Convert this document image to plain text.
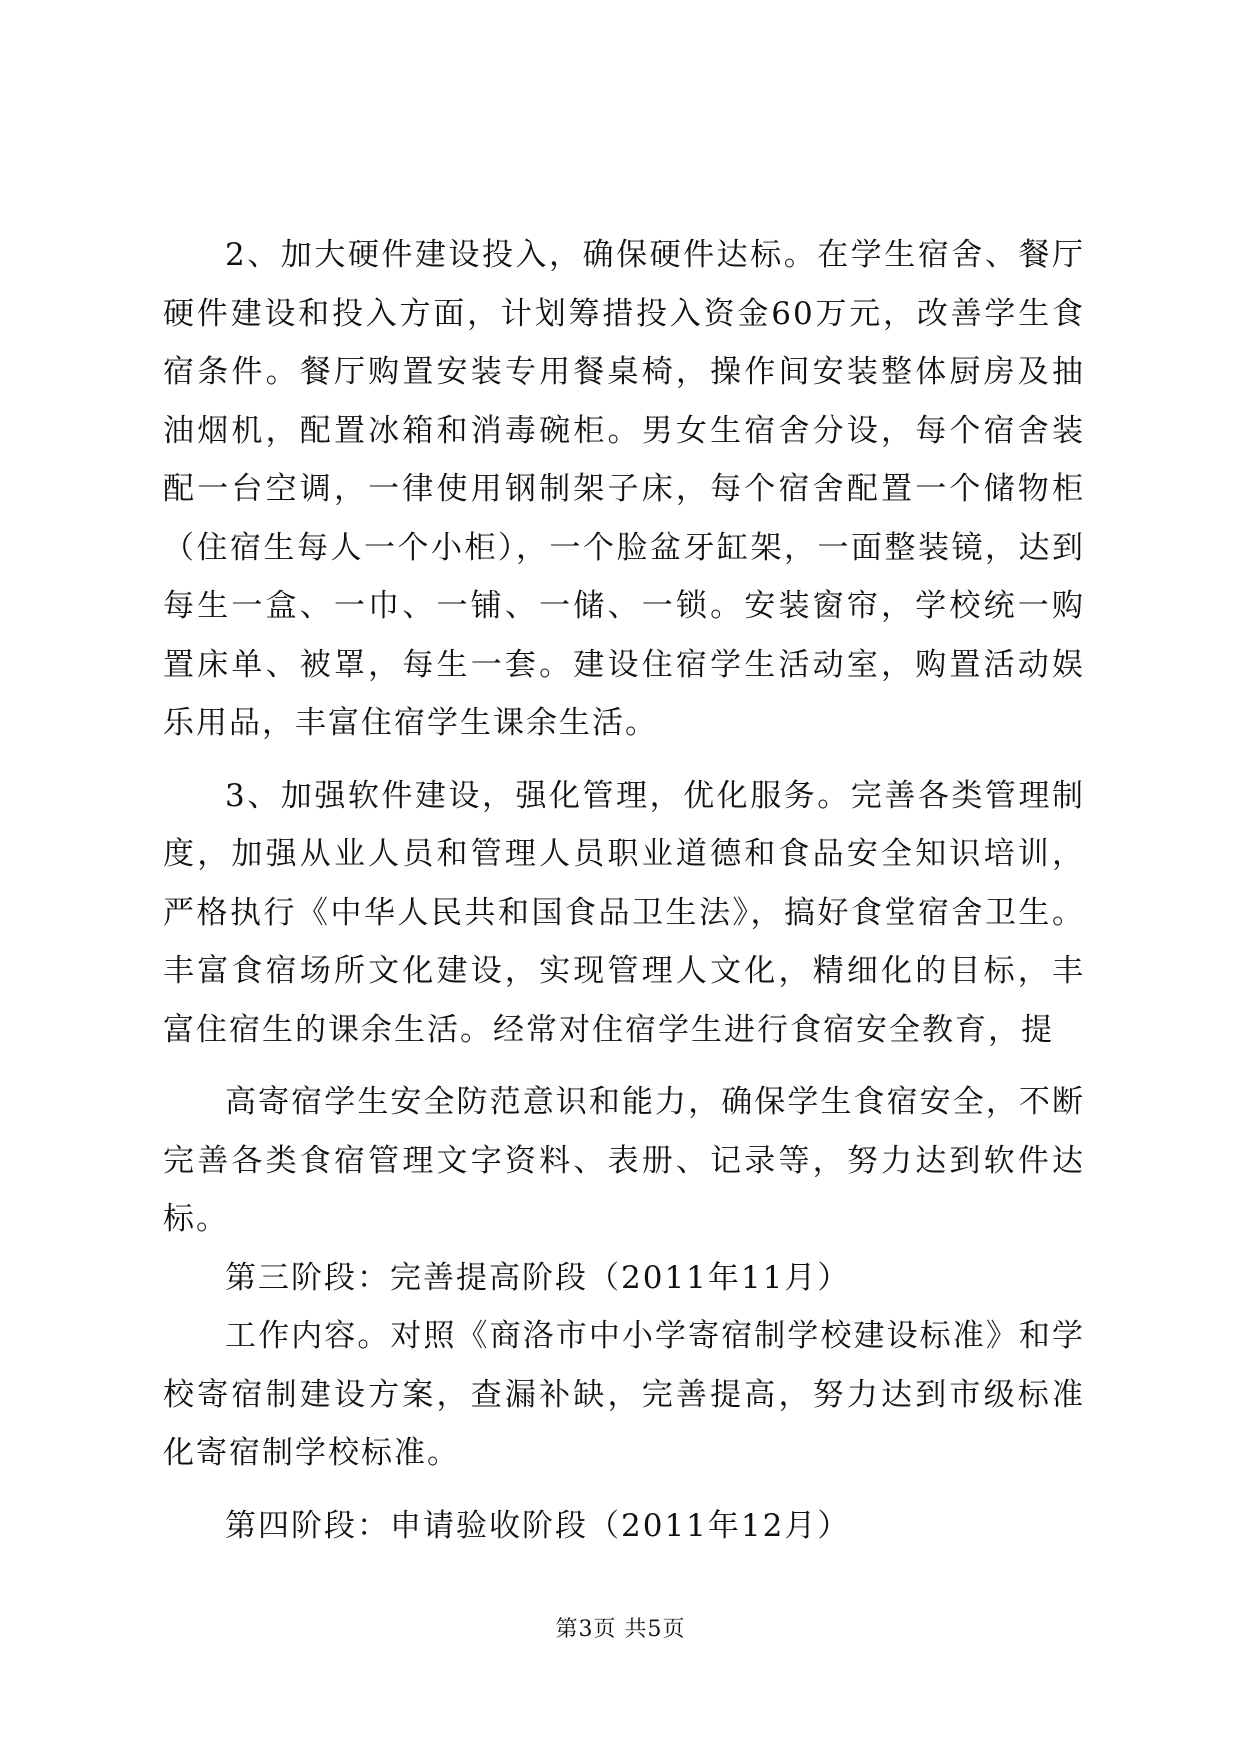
2、加大硬件建设投入，确保硬件达标。在学生宿舍、餐厅硬件建设和投入方面，计划筹措投入资金60万元，改善学生食宿条件。餐厅购置安装专用餐桌椅，操作间安装整体厨房及抽油烟机，配置冰箱和消毒碗柜。男女生宿舍分设，每个宿舍装配一台空调，一律使用钢制架子床，每个宿舍配置一个储物柜（住宿生每人一个小柜），一个脸盆牙缸架，一面整装镜，达到每生一盒、一巾、一铺、一储、一锁。安装窗帘，学校统一购置床单、被罩，每生一套。建设住宿学生活动室，购置活动娱乐用品，丰富住宿学生课余生活。

3、加强软件建设，强化管理，优化服务。完善各类管理制度，加强从业人员和管理人员职业道德和食品安全知识培训，严格执行《中华人民共和国食品卫生法》，搞好食堂宿舍卫生。丰富食宿场所文化建设，实现管理人文化，精细化的目标，丰富住宿生的课余生活。经常对住宿学生进行食宿安全教育，提

高寄宿学生安全防范意识和能力，确保学生食宿安全，不断完善各类食宿管理文字资料、表册、记录等，努力达到软件达标。

第三阶段：完善提高阶段（2011年11月）

工作内容。对照《商洛市中小学寄宿制学校建设标准》和学校寄宿制建设方案，查漏补缺，完善提高，努力达到市级标准化寄宿制学校标准。

第四阶段：申请验收阶段（2011年12月）

第3页 共5页
